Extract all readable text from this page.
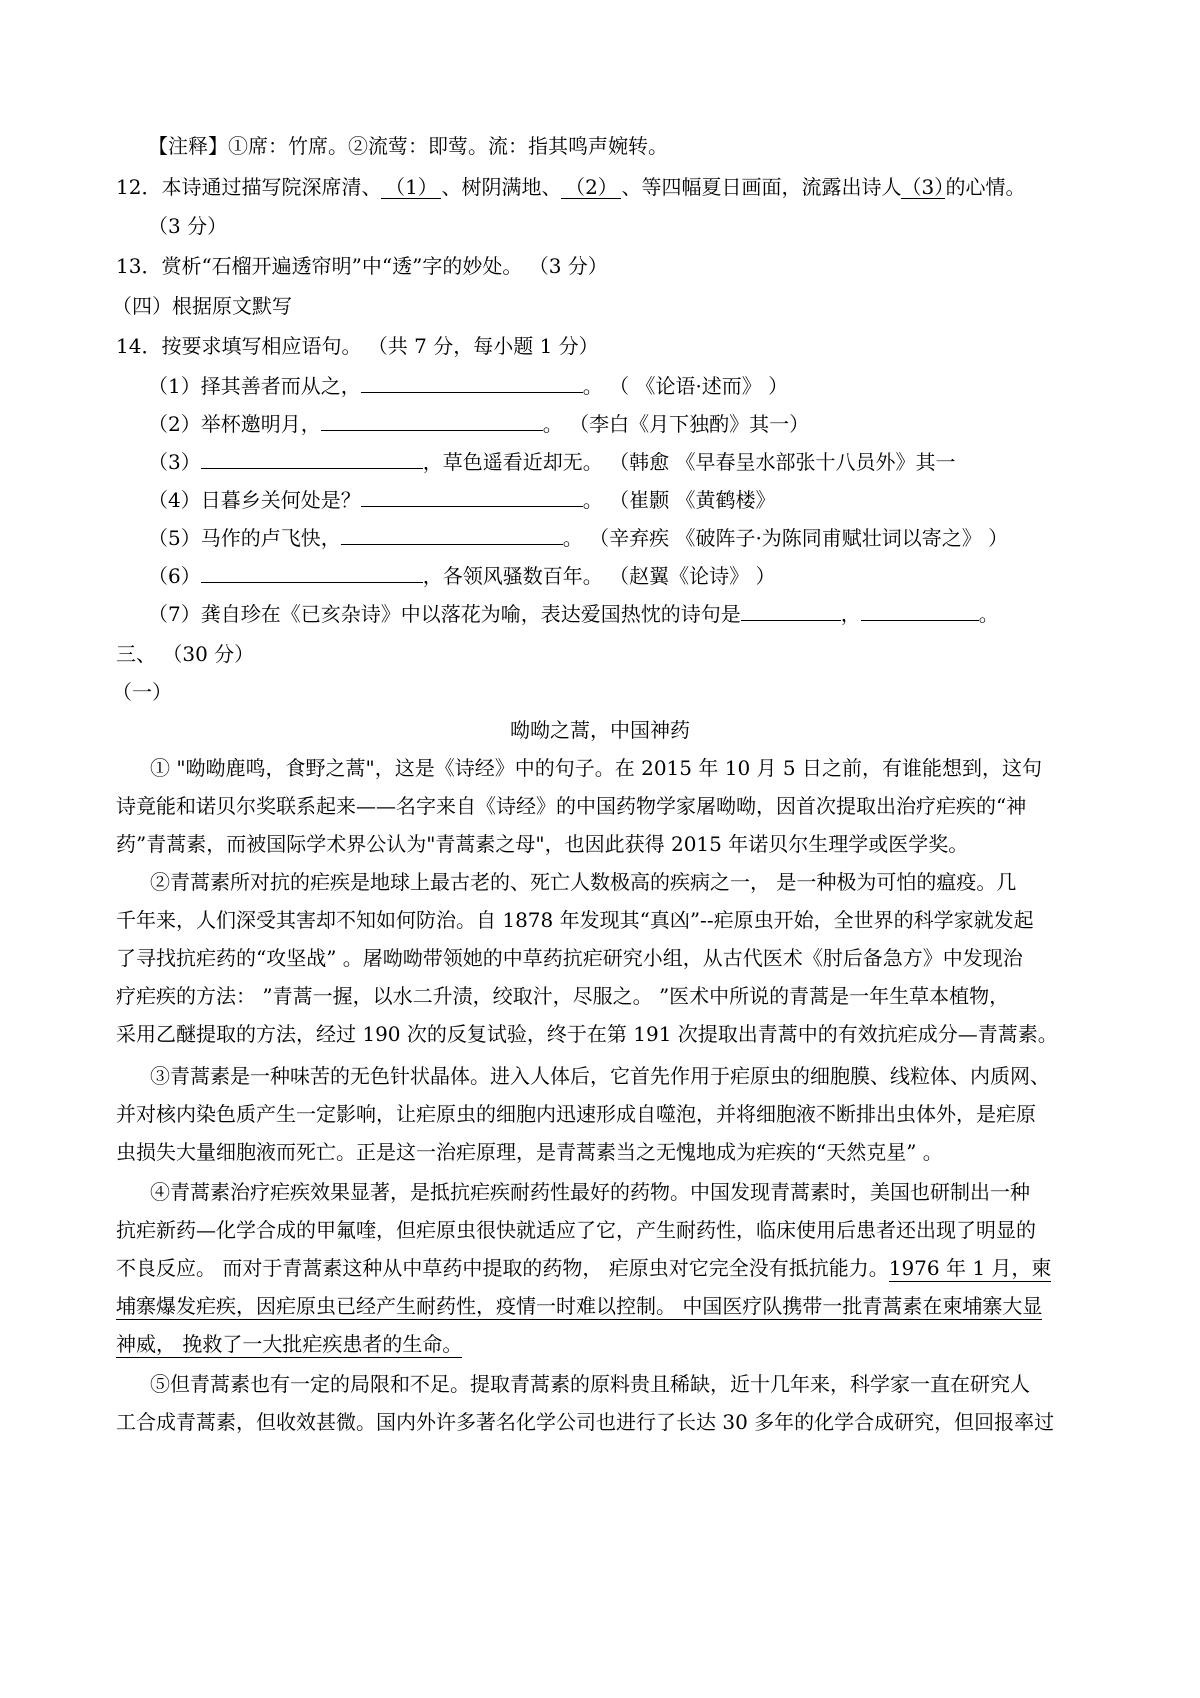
【注释】①席：竹席。②流莺：即莺。流：指其鸣声婉转。
12．本诗通过描写院深席清、 （1） 、树阴满地、 （2） 、等四幅夏日画面，流露出诗人（3）的心情。
（3 分）
13．赏析“石榴开遍透帘明”中“透”字的妙处。 （3 分）
（四）根据原文默写
14．按要求填写相应语句。 （共 7 分，每小题 1 分）
（1）择其善者而从之，	。 （ 《论语·述而》 ）
（2）举杯邀明月，	。 （李白《月下独酌》其一）
（3）	，草色遥看近却无。 （韩愈 《早春呈水部张十八员外》其一
（4）日暮乡关何处是？	。 （崔颢 《黄鹤楼》
（5）马作的卢飞快，	。 （辛弃疾 《破阵子·为陈同甫赋壮词以寄之》 ）
（6）	，各领风骚数百年。 （赵翼《论诗》 ）
（7）龚自珍在《已亥杂诗》中以落花为喻，表达爱国热忱的诗句是	，	。
三、 （30 分）
（一）
呦呦之蒿，中国神药
① "呦呦鹿鸣，食野之蒿"，这是《诗经》中的句子。在 2015 年 10 月 5 日之前，有谁能想到，这句
诗竟能和诺贝尔奖联系起来——名字来自《诗经》的中国药物学家屠呦呦，因首次提取出治疗疟疾的“神
药”青蒿素，而被国际学术界公认为"青蒿素之母"，也因此获得 2015 年诺贝尔生理学或医学奖。
②青蒿素所对抗的疟疾是地球上最古老的、死亡人数极高的疾病之一， 是一种极为可怕的瘟疫。几
千年来，人们深受其害却不知如何防治。自 1878 年发现其“真凶”--疟原虫开始，全世界的科学家就发起
了寻找抗疟药的“攻坚战” 。屠呦呦带领她的中草药抗疟研究小组，从古代医术《肘后备急方》中发现治
疗疟疾的方法： ”青蒿一握，以水二升渍，绞取汁，尽服之。 ”医术中所说的青蒿是一年生草本植物，
采用乙醚提取的方法，经过 190 次的反复试验，终于在第 191 次提取出青蒿中的有效抗疟成分—青蒿素。
③青蒿素是一种味苦的无色针状晶体。进入人体后，它首先作用于疟原虫的细胞膜、线粒体、内质网、
并对核内染色质产生一定影响，让疟原虫的细胞内迅速形成自噬泡，并将细胞液不断排出虫体外，是疟原
虫损失大量细胞液而死亡。正是这一治疟原理，是青蒿素当之无愧地成为疟疾的“天然克星” 。
④青蒿素治疗疟疾效果显著，是抵抗疟疾耐药性最好的药物。中国发现青蒿素时，美国也研制出一种
抗疟新药—化学合成的甲氟喹，但疟原虫很快就适应了它，产生耐药性，临床使用后患者还出现了明显的
不良反应。 而对于青蒿素这种从中草药中提取的药物， 疟原虫对它完全没有抵抗能力。1976 年 1 月，柬
埔寨爆发疟疾，因疟原虫已经产生耐药性，疫情一时难以控制。 中国医疗队携带一批青蒿素在柬埔寨大显
神威， 挽救了一大批疟疾患者的生命。
⑤但青蒿素也有一定的局限和不足。提取青蒿素的原料贵且稀缺，近十几年来，科学家一直在研究人
工合成青蒿素，但收效甚微。国内外许多著名化学公司也进行了长达 30 多年的化学合成研究，但回报率过
